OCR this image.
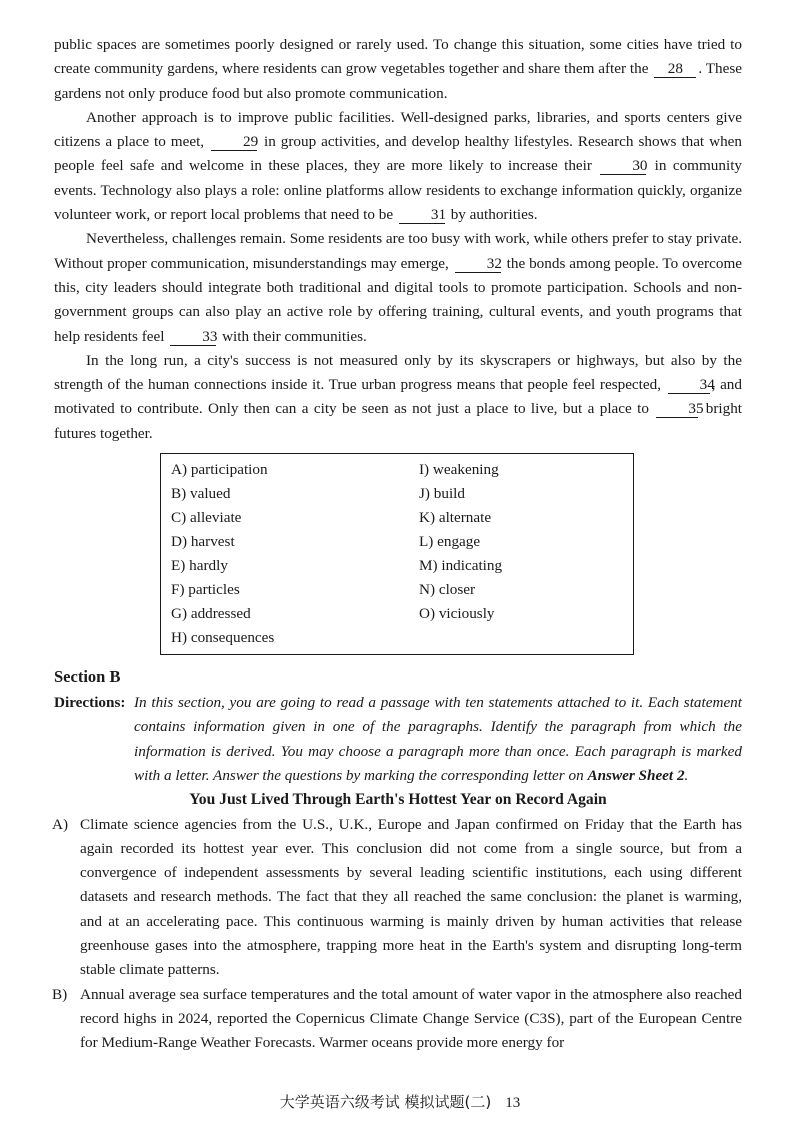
public spaces are sometimes poorly designed or rarely used. To change this situation, some cities have tried to create community gardens, where residents can grow vegetables together and share them after the 28 . These gardens not only produce food but also promote communication.

Another approach is to improve public facilities. Well-designed parks, libraries, and sports centers give citizens a place to meet,	29 in group activities, and develop healthy lifestyles. Research shows that when people feel safe and welcome in these places, they are more likely to increase their	30 in community events. Technology also plays a role: online platforms allow residents to exchange information quickly, organize volunteer work, or report local problems that need to be 31 by authorities.

Nevertheless, challenges remain. Some residents are too busy with work, while others prefer to stay private. Without proper communication, misunderstandings may emerge, 32 the bonds among people. To overcome this, city leaders should integrate both traditional and digital tools to promote participation. Schools and non-government groups can also play an active role by offering training, cultural events, and youth programs that help residents feel 33 with their communities.

In the long run, a city's success is not measured only by its skyscrapers or highways, but also by the strength of the human connections inside it. True urban progress means that people feel respected,	34, and motivated to contribute. Only then can a city be seen as not just a place to live, but a place to	35 bright futures together.

A) participation
B) valued
C) alleviate
D) harvest
E) hardly
F) particles
G) addressed
H) consequences
I) weakening
J) build
K) alternate
L) engage
M) indicating
N) closer
O) viciously
Section B
Directions: In this section, you are going to read a passage with ten statements attached to it. Each statement contains information given in one of the paragraphs. Identify the paragraph from which the information is derived. You may choose a paragraph more than once. Each paragraph is marked with a letter. Answer the questions by marking the corresponding letter on Answer Sheet 2.
You Just Lived Through Earth's Hottest Year on Record Again
A) Climate science agencies from the U.S., U.K., Europe and Japan confirmed on Friday that the Earth has again recorded its hottest year ever. This conclusion did not come from a single source, but from a convergence of independent assessments by several leading scientific institutions, each using different datasets and research methods. The fact that they all reached the same conclusion: the planet is warming, and at an accelerating pace. This continuous warming is mainly driven by human activities that release greenhouse gases into the atmosphere, trapping more heat in the Earth's system and disrupting long-term stable climate patterns.
B) Annual average sea surface temperatures and the total amount of water vapor in the atmosphere also reached record highs in 2024, reported the Copernicus Climate Change Service (C3S), part of the European Centre for Medium-Range Weather Forecasts. Warmer oceans provide more energy for
大学英语六级考试 模拟试题(二) 13
